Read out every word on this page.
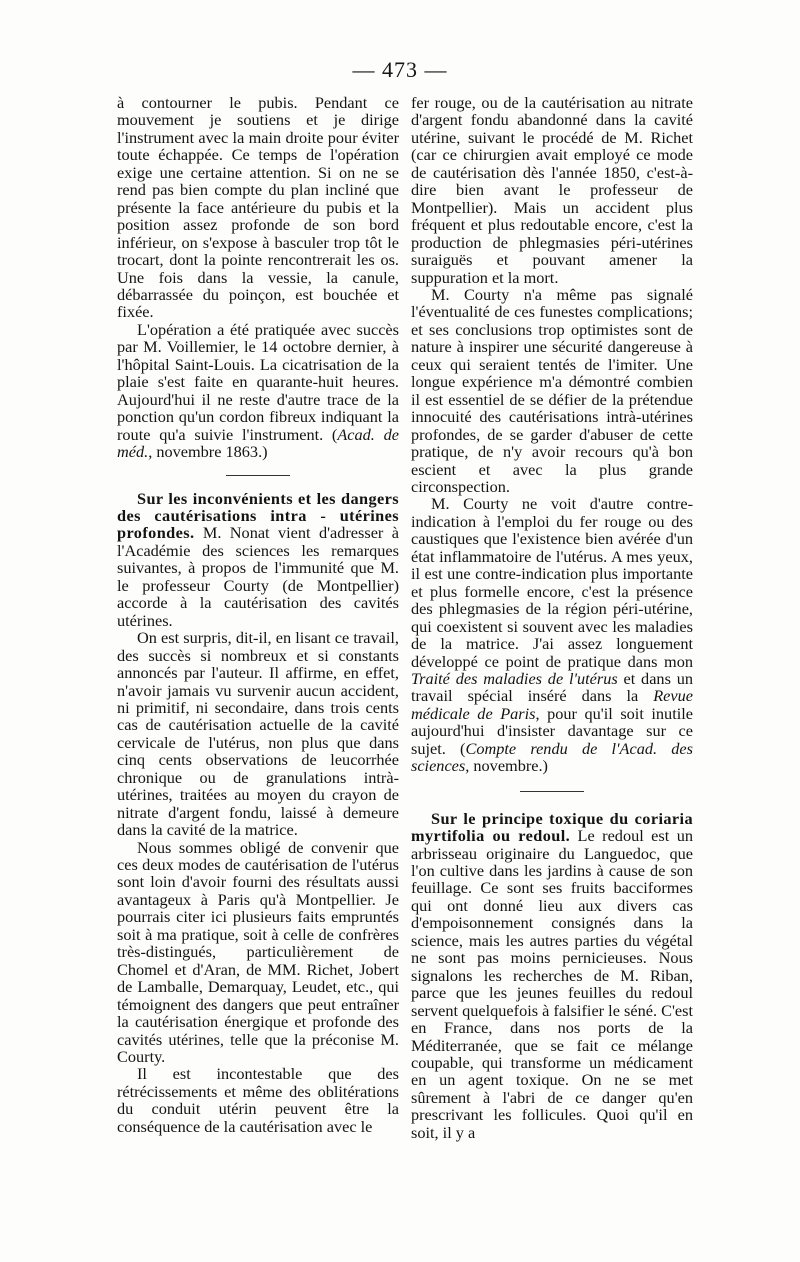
— 473 —

à contourner le pubis. Pendant ce mouvement je soutiens et je dirige l'instrument avec la main droite pour éviter toute échappée. Ce temps de l'opération exige une certaine attention. Si on ne se rend pas bien compte du plan incliné que présente la face antérieure du pubis et la position assez profonde de son bord inférieur, on s'expose à basculer trop tôt le trocart, dont la pointe rencontrerait les os. Une fois dans la vessie, la canule, débarrassée du poinçon, est bouchée et fixée.

L'opération a été pratiquée avec succès par M. Voillemier, le 14 octobre dernier, à l'hôpital Saint-Louis. La cicatrisation de la plaie s'est faite en quarante-huit heures. Aujourd'hui il ne reste d'autre trace de la ponction qu'un cordon fibreux indiquant la route qu'a suivie l'instrument. (Acad. de méd., novembre 1863.)

Sur les inconvénients et les dangers des cautérisations intra - utérines profondes. M. Nonat vient d'adresser à l'Académie des sciences les remarques suivantes, à propos de l'immunité que M. le professeur Courty (de Montpellier) accorde à la cautérisation des cavités utérines.

On est surpris, dit-il, en lisant ce travail, des succès si nombreux et si constants annoncés par l'auteur. Il affirme, en effet, n'avoir jamais vu survenir aucun accident, ni primitif, ni secondaire, dans trois cents cas de cautérisation actuelle de la cavité cervicale de l'utérus, non plus que dans cinq cents observations de leucorrhée chronique ou de granulations intrà-utérines, traitées au moyen du crayon de nitrate d'argent fondu, laissé à demeure dans la cavité de la matrice.

Nous sommes obligé de convenir que ces deux modes de cautérisation de l'utérus sont loin d'avoir fourni des résultats aussi avantageux à Paris qu'à Montpellier. Je pourrais citer ici plusieurs faits empruntés soit à ma pratique, soit à celle de confrères très-distingués, particulièrement de Chomel et d'Aran, de MM. Richet, Jobert de Lamballe, Demarquay, Leudet, etc., qui témoignent des dangers que peut entraîner la cautérisation énergique et profonde des cavités utérines, telle que la préconise M. Courty.

Il est incontestable que des rétrécissements et même des oblitérations du conduit utérin peuvent être la conséquence de la cautérisation avec le

fer rouge, ou de la cautérisation au nitrate d'argent fondu abandonné dans la cavité utérine, suivant le procédé de M. Richet (car ce chirurgien avait employé ce mode de cautérisation dès l'année 1850, c'est-à-dire bien avant le professeur de Montpellier). Mais un accident plus fréquent et plus redoutable encore, c'est la production de phlegmasies péri-utérines suraiguës et pouvant amener la suppuration et la mort.

M. Courty n'a même pas signalé l'éventualité de ces funestes complications; et ses conclusions trop optimistes sont de nature à inspirer une sécurité dangereuse à ceux qui seraient tentés de l'imiter. Une longue expérience m'a démontré combien il est essentiel de se défier de la prétendue innocuité des cautérisations intrà-utérines profondes, de se garder d'abuser de cette pratique, de n'y avoir recours qu'à bon escient et avec la plus grande circonspection.

M. Courty ne voit d'autre contre-indication à l'emploi du fer rouge ou des caustiques que l'existence bien avérée d'un état inflammatoire de l'utérus. A mes yeux, il est une contre-indication plus importante et plus formelle encore, c'est la présence des phlegmasies de la région péri-utérine, qui coexistent si souvent avec les maladies de la matrice. J'ai assez longuement développé ce point de pratique dans mon Traité des maladies de l'utérus et dans un travail spécial inséré dans la Revue médicale de Paris, pour qu'il soit inutile aujourd'hui d'insister davantage sur ce sujet. (Compte rendu de l'Acad. des sciences, novembre.)

Sur le principe toxique du coriaria myrtifolia ou redoul. Le redoul est un arbrisseau originaire du Languedoc, que l'on cultive dans les jardins à cause de son feuillage. Ce sont ses fruits bacciformes qui ont donné lieu aux divers cas d'empoisonnement consignés dans la science, mais les autres parties du végétal ne sont pas moins pernicieuses. Nous signalons les recherches de M. Riban, parce que les jeunes feuilles du redoul servent quelquefois à falsifier le séné. C'est en France, dans nos ports de la Méditerranée, que se fait ce mélange coupable, qui transforme un médicament en un agent toxique. On ne se met sûrement à l'abri de ce danger qu'en prescrivant les follicules. Quoi qu'il en soit, il y a
